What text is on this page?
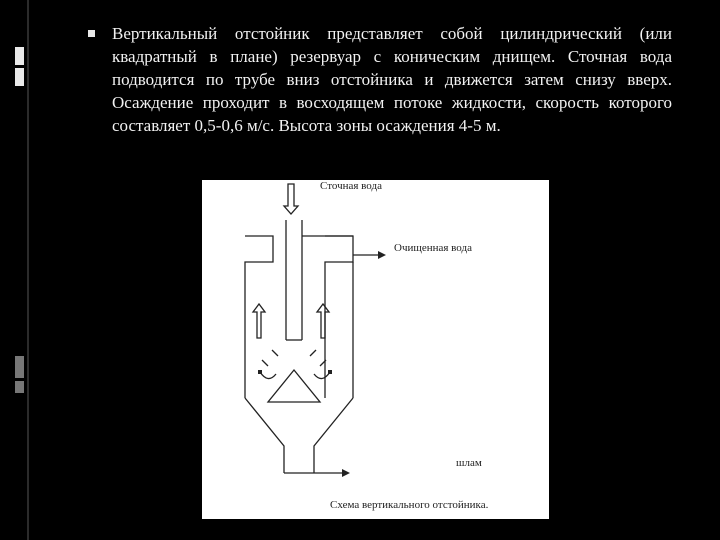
Вертикальный отстойник представляет собой цилиндрический (или квадратный в плане) резервуар с коническим днищем. Сточная вода подводится по трубе вниз отстойника и движется затем снизу вверх. Осаждение проходит в восходящем потоке жидкости, скорость которого составляет 0,5-0,6 м/с. Высота зоны осаждения 4-5 м.

Сточная вода
Очищенная вода
шлам
Схема вертикального отстойника.
